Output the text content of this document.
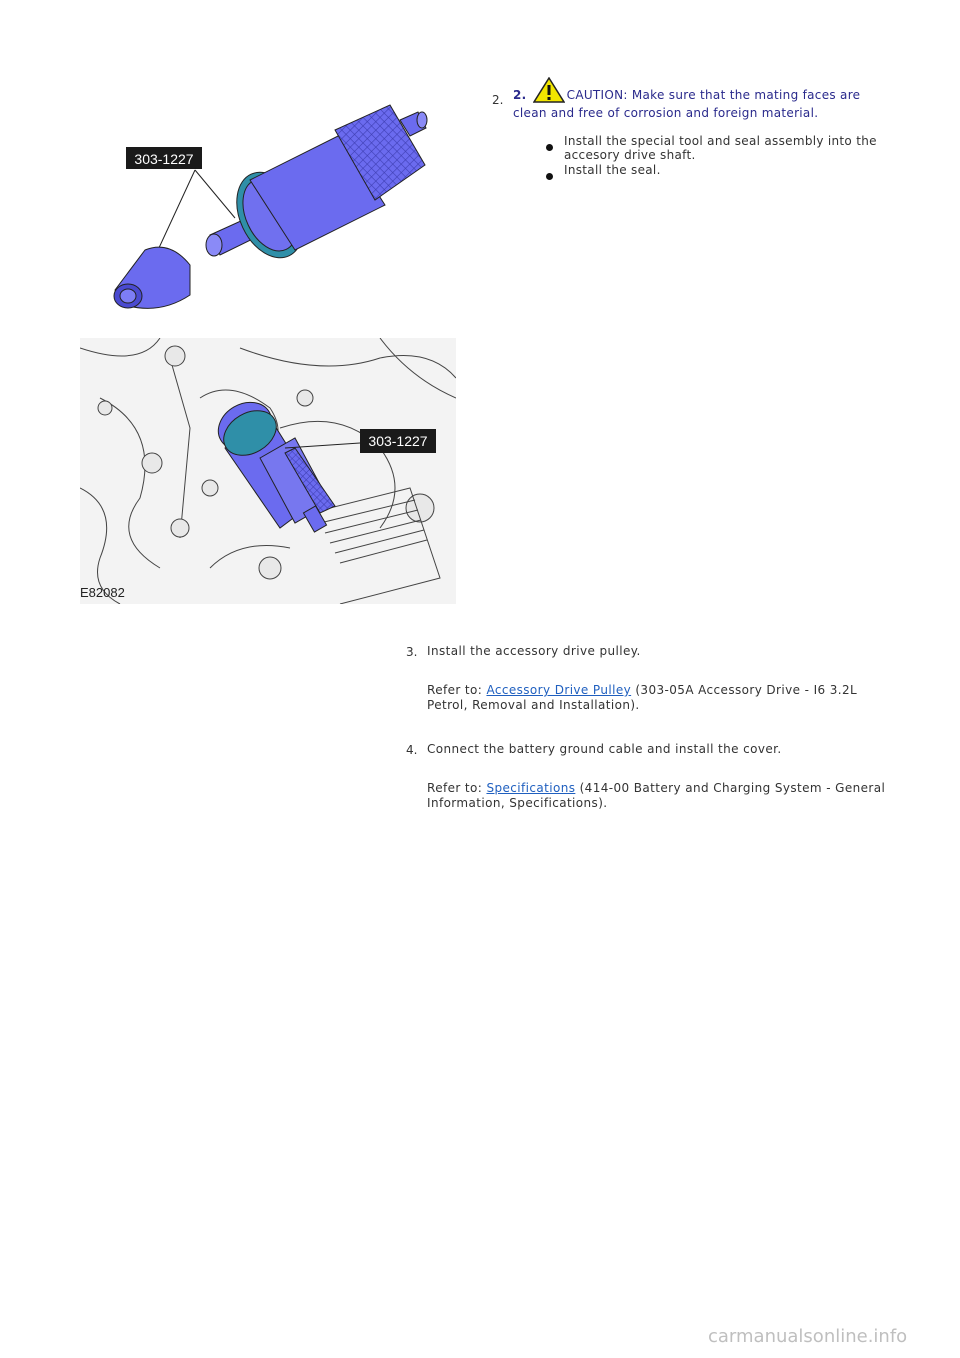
2. 2.	CAUTION: Make sure that the mating faces are clean and free of corrosion and foreign material.
Install the special tool and seal assembly into the accesory drive shaft.
Install the seal.
303-1227
303-1227
E82082
3. Install the accessory drive pulley.
Refer to: Accessory Drive Pulley (303-05A Accessory Drive - I6 3.2L Petrol, Removal and Installation).
4. Connect the battery ground cable and install the cover.
Refer to: Specifications (414-00 Battery and Charging System - General Information, Specifications).
carmanualsonline.info
